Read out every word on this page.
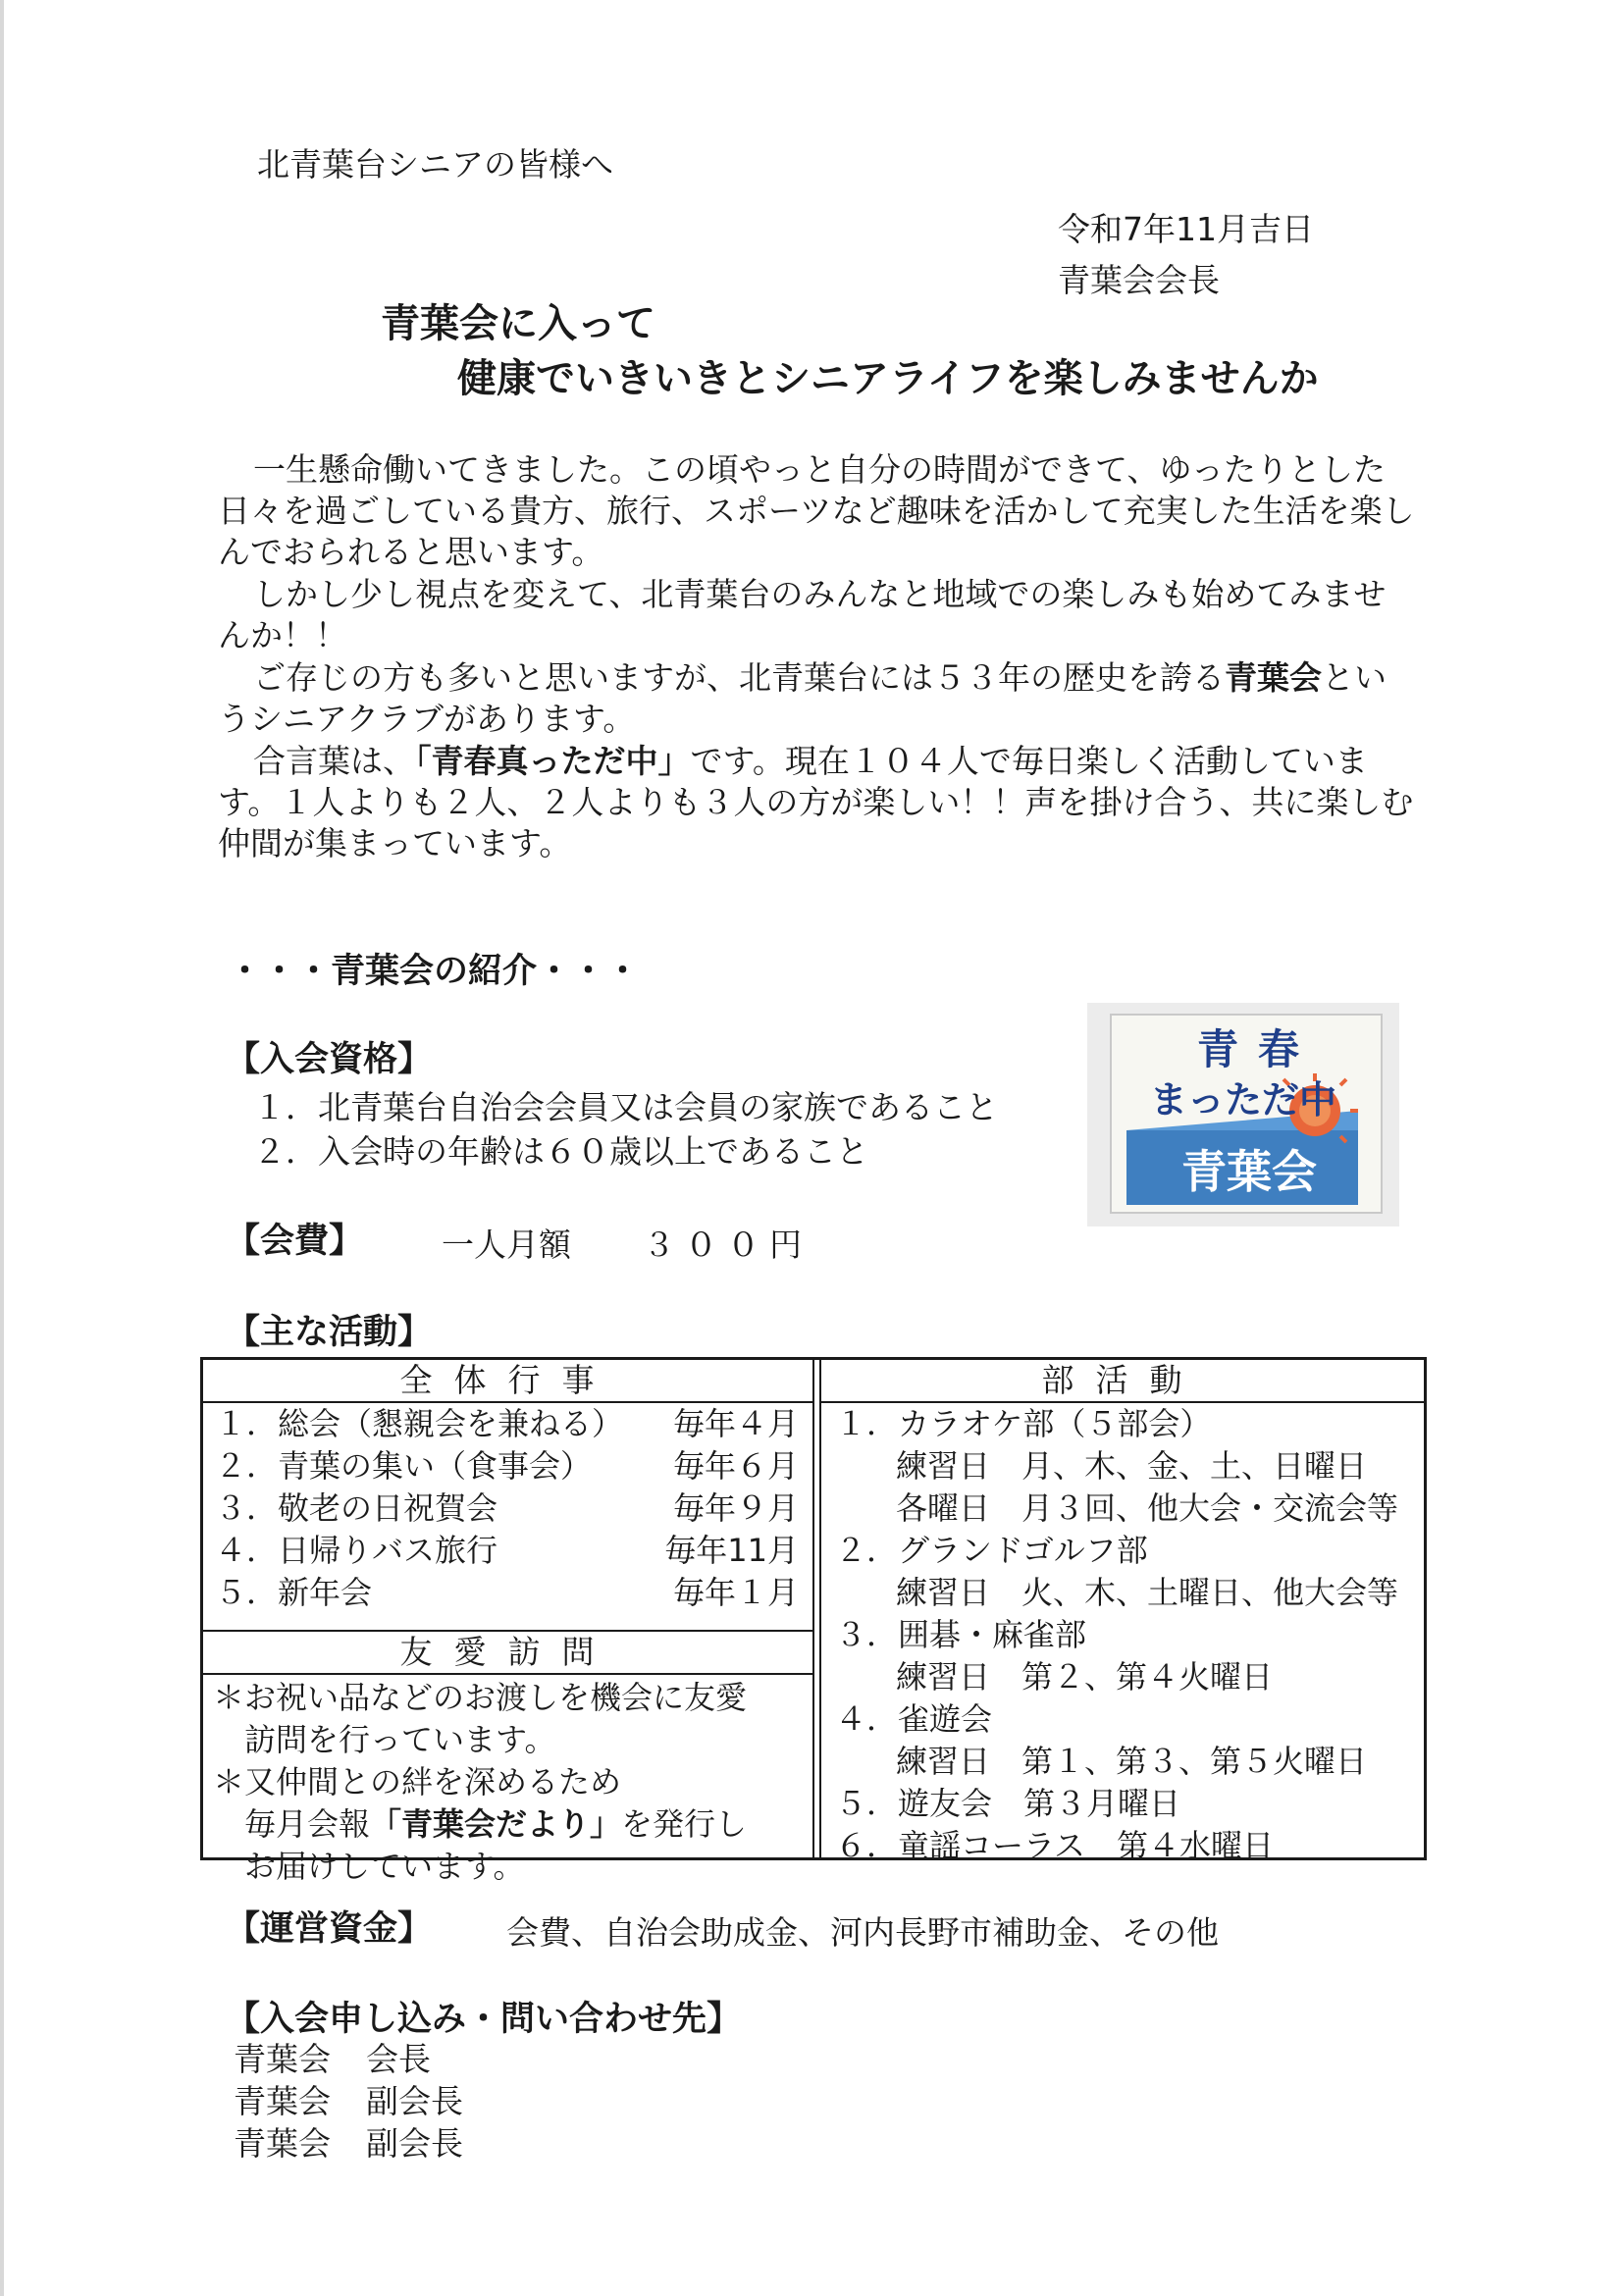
北青葉台シニアの皆様へ
令和7年11月吉日
青葉会会長
青葉会に入って
健康でいきいきとシニアライフを楽しみませんか

一生懸命働いてきました。この頃やっと自分の時間ができて、ゆったりとした日々を過ごしている貴方、旅行、スポーツなど趣味を活かして充実した生活を楽しんでおられると思います。

しかし少し視点を変えて、北青葉台のみんなと地域での楽しみも始めてみませんか！！

ご存じの方も多いと思いますが、北青葉台には５３年の歴史を誇る青葉会というシニアクラブがあります。

合言葉は、「青春真っただ中」です。現在１０４人で毎日楽しく活動しています。１人よりも２人、２人よりも３人の方が楽しい！！声を掛け合う、共に楽しむ仲間が集まっています。

・・・青葉会の紹介・・・
青春
まっただ中
青葉会
【入会資格】
１．北青葉台自治会会員又は会員の家族であること
２．入会時の年齢は６０歳以上であること
【会費】 一人月額 ３００円
【主な活動】
全体行事
１．総会（懇親会を兼ねる） 毎年４月
２．青葉の集い（食事会）	毎年６月
３．敬老の日祝賀会	毎年９月
４．日帰りバス旅行	毎年11月
５．新年会	毎年１月
友愛訪問
＊お祝い品などのお渡しを機会に友愛
訪問を行っています。
＊又仲間との絆を深めるため
毎月会報「青葉会だより」を発行し
お届けしています。
部活動
１．カラオケ部（５部会）
練習日　月、木、金、土、日曜日
各曜日　月３回、他大会・交流会等
２．グランドゴルフ部
練習日　火、木、土曜日、他大会等
３．囲碁・麻雀部
練習日　第２、第４火曜日
４．雀遊会
練習日　第１、第３、第５火曜日
５．遊友会　第３月曜日
６．童謡コーラス　第４水曜日
【運営資金】 会費、自治会助成金、河内長野市補助金、その他
【入会申し込み・問い合わせ先】
青葉会 会長
青葉会 副会長
青葉会 副会長
